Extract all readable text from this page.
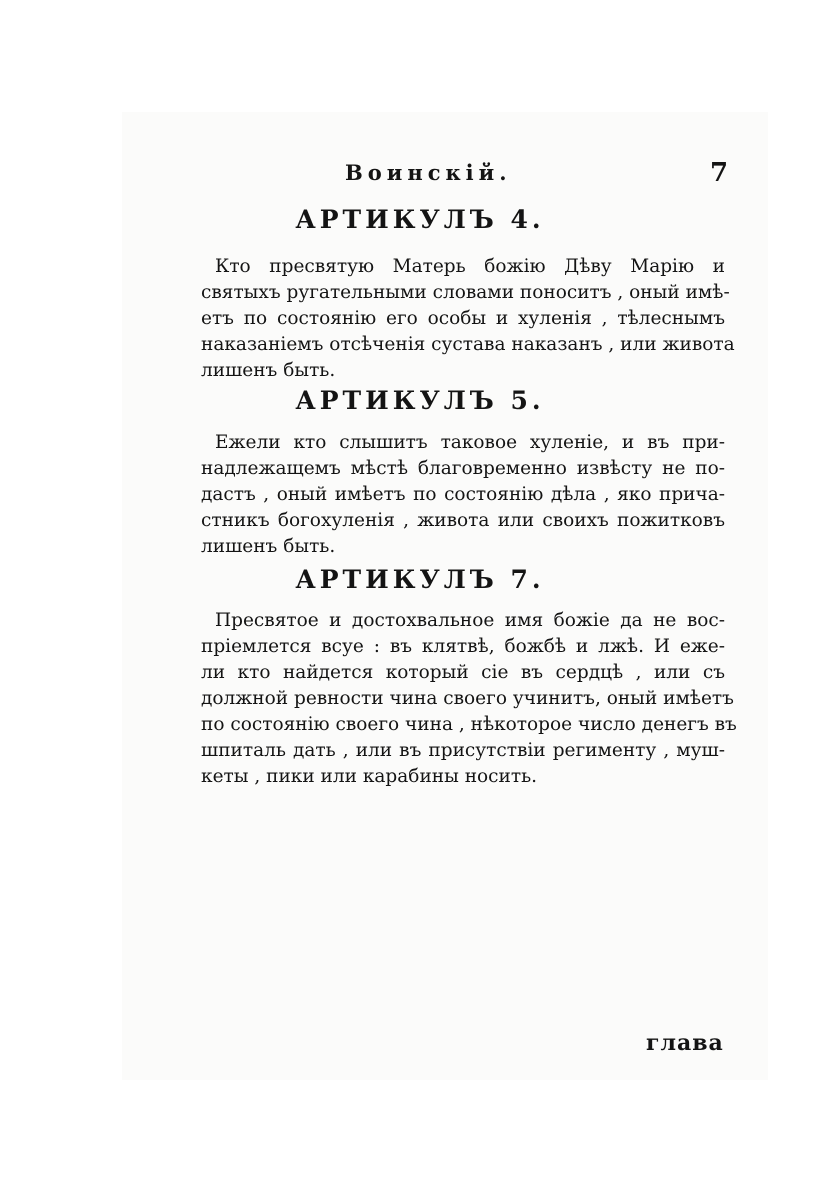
Воинскій.	7
АРТИКУЛЪ 4.

Кто пресвятую Матерь божію Дѣву Марію и
святыхъ ругательными словами поноситъ , оный имѣ-
етъ по состоянію его особы и хуленія , тѣлеснымъ
наказаніемъ отсѣченія сустава наказанъ , или живота
лишенъ быть.

АРТИКУЛЪ 5.

Ежели кто слышитъ таковое хуленіе, и въ при-
надлежащемъ мѣстѣ благовременно извѣсту не по-
дастъ , оный имѣетъ по состоянію дѣла , яко прича-
стникъ богохуленія , живота или своихъ пожитковъ
лишенъ быть.

АРТИКУЛЪ 7.

Пресвятое и достохвальное имя божіе да не вос-
пріемлется всуе : въ клятвѣ, божбѣ и лжѣ. И еже-
ли кто найдется который сіе въ сердцѣ , или съ
должной ревности чина своего учинитъ, оный имѣетъ
по состоянію своего чина , нѣкоторое число денегъ въ
шпиталь дать , или въ присутствіи регименту , муш-
кеты , пики или карабины носить.

глава
